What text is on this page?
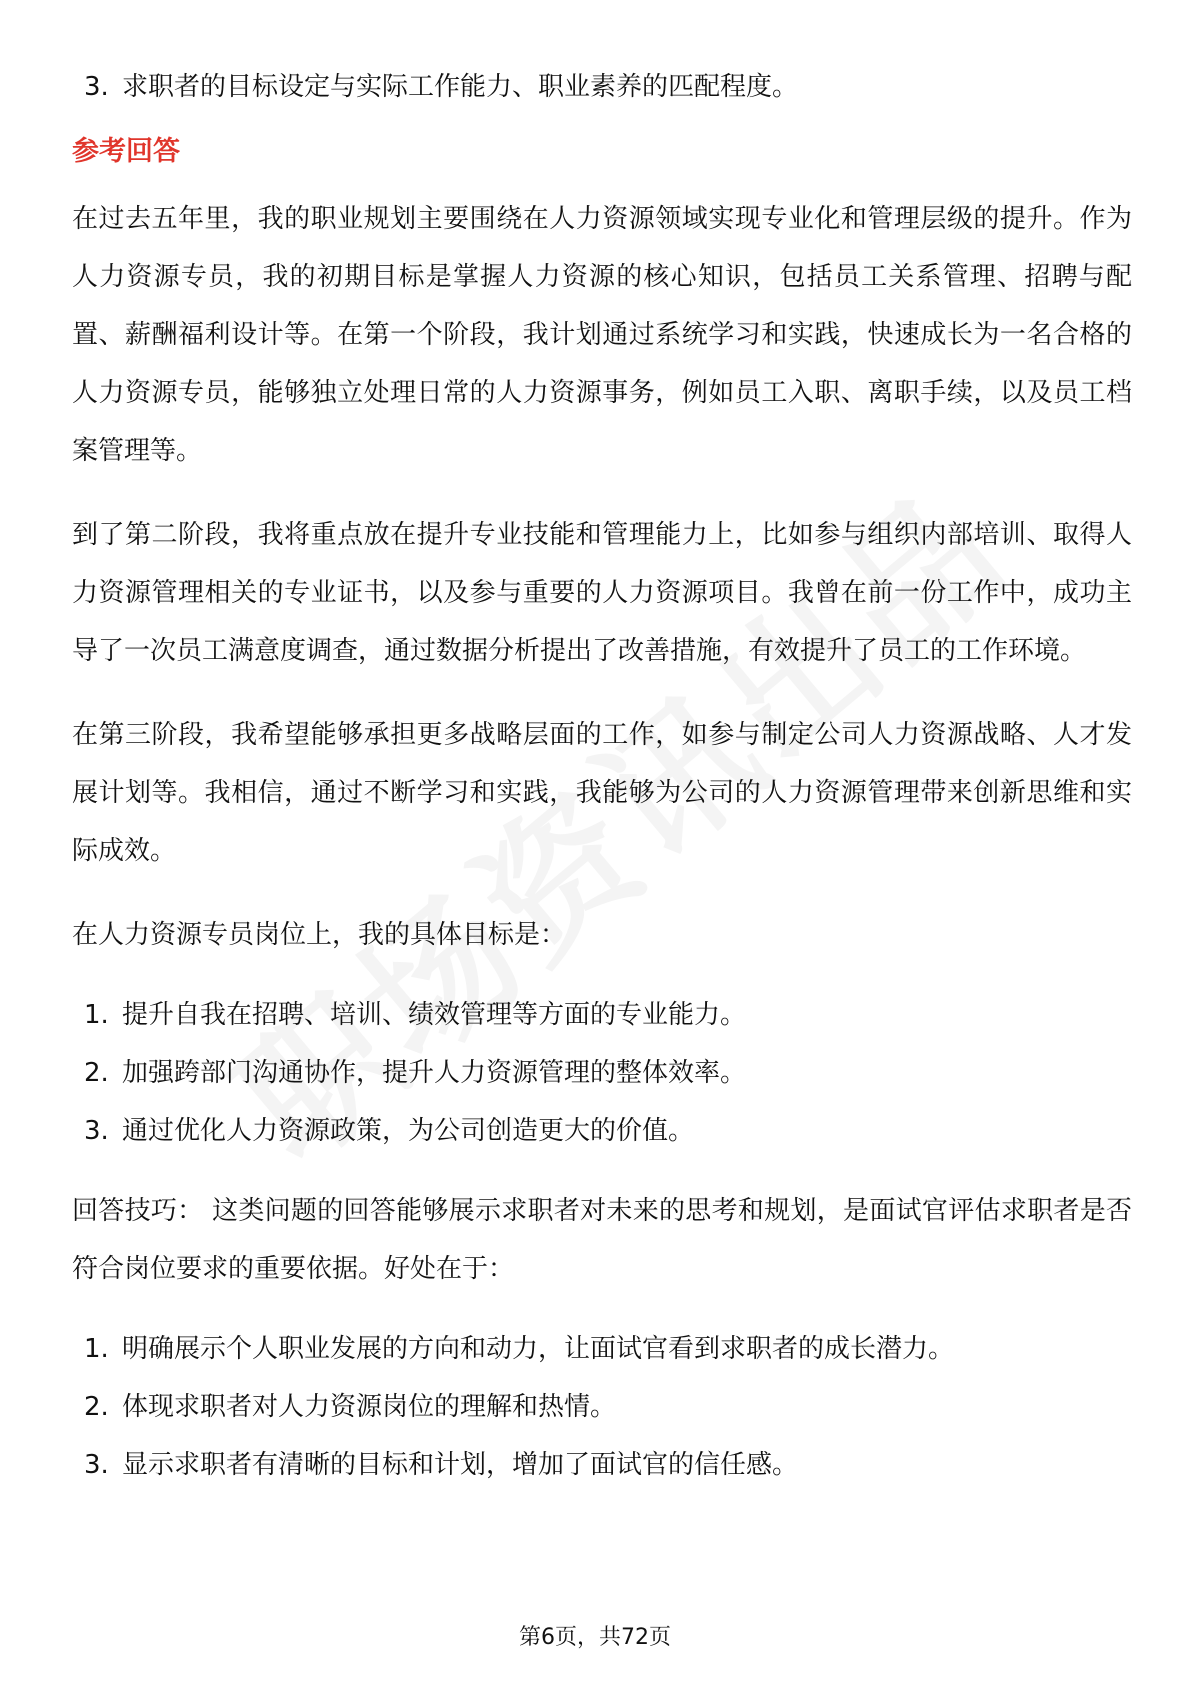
3. 求职者的目标设定与实际工作能力、职业素养的匹配程度。
参考回答

在过去五年里，我的职业规划主要围绕在人力资源领域实现专业化和管理层级的提升。作为人力资源专员，我的初期目标是掌握人力资源的核心知识，包括员工关系管理、招聘与配置、薪酬福利设计等。在第一个阶段，我计划通过系统学习和实践，快速成长为一名合格的人力资源专员，能够独立处理日常的人力资源事务，例如员工入职、离职手续，以及员工档案管理等。

到了第二阶段，我将重点放在提升专业技能和管理能力上，比如参与组织内部培训、取得人力资源管理相关的专业证书，以及参与重要的人力资源项目。我曾在前一份工作中，成功主导了一次员工满意度调查，通过数据分析提出了改善措施，有效提升了员工的工作环境。

在第三阶段，我希望能够承担更多战略层面的工作，如参与制定公司人力资源战略、人才发展计划等。我相信，通过不断学习和实践，我能够为公司的人力资源管理带来创新思维和实际成效。

在人力资源专员岗位上，我的具体目标是：

1. 提升自我在招聘、培训、绩效管理等方面的专业能力。
2. 加强跨部门沟通协作，提升人力资源管理的整体效率。
3. 通过优化人力资源政策，为公司创造更大的价值。

回答技巧： 这类问题的回答能够展示求职者对未来的思考和规划，是面试官评估求职者是否符合岗位要求的重要依据。好处在于：

1. 明确展示个人职业发展的方向和动力，让面试官看到求职者的成长潜力。
2. 体现求职者对人力资源岗位的理解和热情。
3. 显示求职者有清晰的目标和计划，增加了面试官的信任感。
第6页，共72页
